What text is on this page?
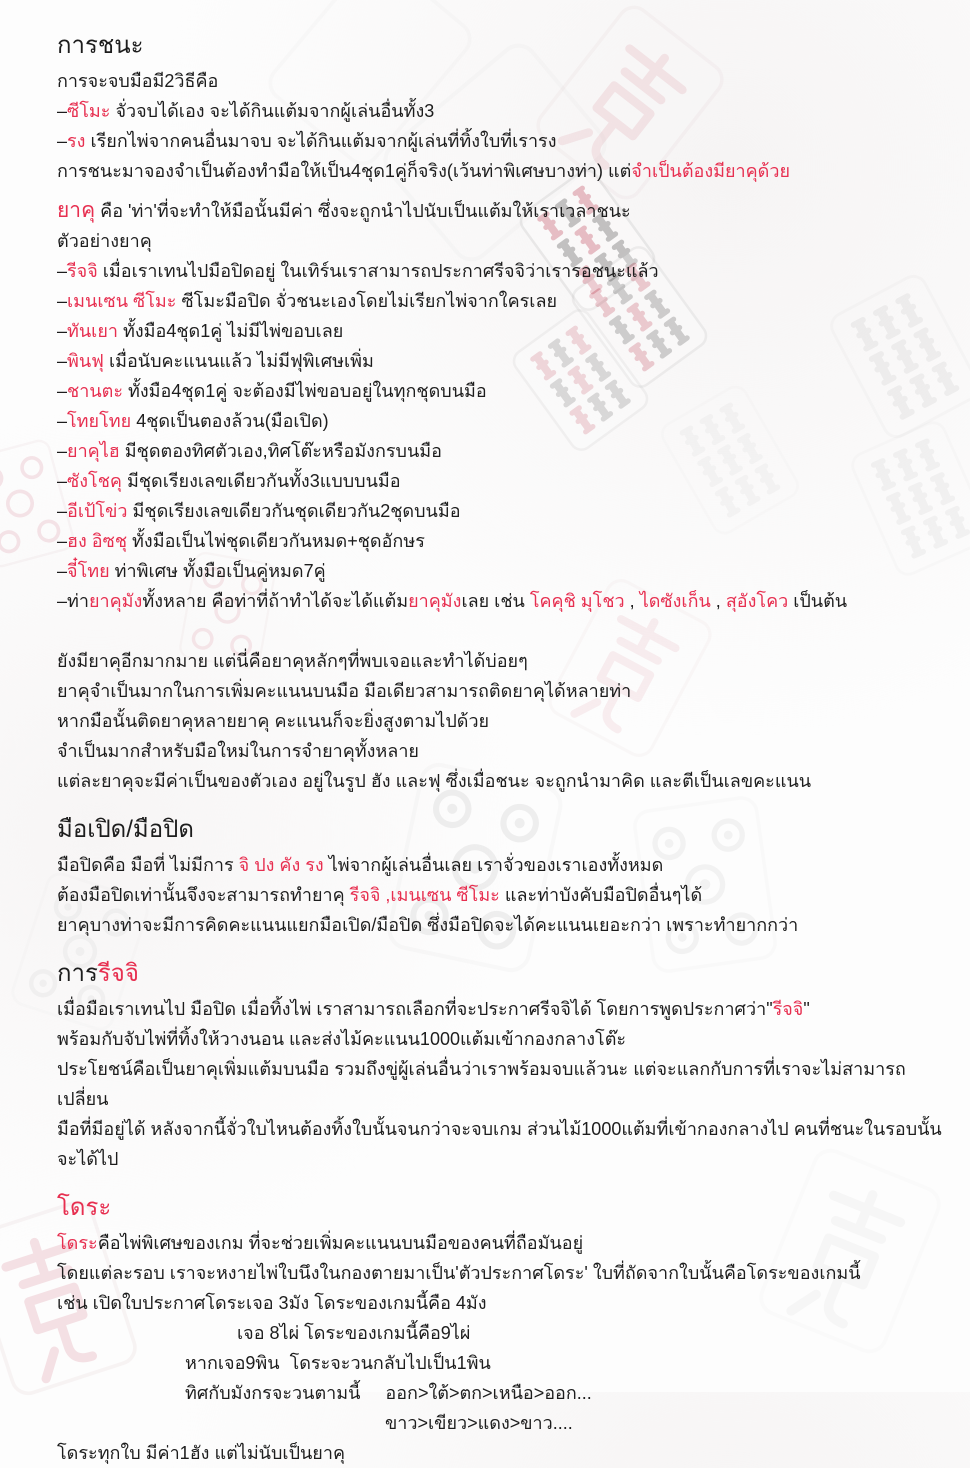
การชนะ

การจะจบมือมี2วิธีคือ

–ซีโมะ จั่วจบได้เอง จะได้กินแต้มจากผู้เล่นอื่นทั้ง3

–รง เรียกไพ่จากคนอื่นมาจบ จะได้กินแต้มจากผู้เล่นที่ทิ้งใบที่เรารง

การชนะมาจองจำเป็นต้องทำมือให้เป็น4ชุด1คู่ก็จริง(เว้นท่าพิเศษบางท่า) แต่จำเป็นต้องมียาคุด้วย

ยาคุ คือ 'ท่า'ที่จะทำให้มือนั้นมีค่า ซึ่งจะถูกนำไปนับเป็นแต้มให้เราเวลาชนะ

ตัวอย่างยาคุ

–รีจจิ เมื่อเราเทนไปมือปิดอยู่ ในเทิร์นเราสามารถประกาศรีจจิว่าเรารอชนะแล้ว

–เมนเซน ซีโมะ ซีโมะมือปิด จั่วชนะเองโดยไม่เรียกไพ่จากใครเลย

–ทันเยา ทั้งมือ4ชุด1คู่ ไม่มีไพ่ขอบเลย

–พินฟุ เมื่อนับคะแนนแล้ว ไม่มีฟุพิเศษเพิ่ม

–ชานตะ ทั้งมือ4ชุด1คู่ จะต้องมีไพ่ขอบอยู่ในทุกชุดบนมือ

–โทยโทย 4ชุดเป็นตองล้วน(มือเปิด)

–ยาคุไฮ มีชุดตองทิศตัวเอง,ทิศโต๊ะหรือมังกรบนมือ

–ซังโชคุ มีชุดเรียงเลขเดียวกันทั้ง3แบบบนมือ

–อีเป้โข่ว มีชุดเรียงเลขเดียวกันชุดเดียวกัน2ชุดบนมือ

–ฮง อิซชุ ทั้งมือเป็นไพ่ชุดเดียวกันหมด+ชุดอักษร

–จี๋โทย ท่าพิเศษ ทั้งมือเป็นคู่หมด7คู่

–ท่ายาคุมังทั้งหลาย คือท่าที่ถ้าทำได้จะได้แต้มยาคุมังเลย เช่น โคคุชิ มุโชว , ไดซังเก็น , สุอังโคว เป็นต้น

ยังมียาคุอีกมากมาย แต่นี่คือยาคุหลักๆที่พบเจอและทำได้บ่อยๆ

ยาคุจำเป็นมากในการเพิ่มคะแนนบนมือ มือเดียวสามารถติดยาคุได้หลายท่า

หากมือนั้นติดยาคุหลายยาคุ คะแนนก็จะยิ่งสูงตามไปด้วย

จำเป็นมากสำหรับมือใหม่ในการจำยาคุทั้งหลาย

แต่ละยาคุจะมีค่าเป็นของตัวเอง อยู่ในรูป ฮัง และฟุ ซึ่งเมื่อชนะ จะถูกนำมาคิด และตีเป็นเลขคะแนน

มือเปิด/มือปิด

มือปิดคือ มือที่ ไม่มีการ จิ ปง คัง รง ไพ่จากผู้เล่นอื่นเลย เราจั่วของเราเองทั้งหมด

ต้องมือปิดเท่านั้นจึงจะสามารถทำยาคุ รีจจิ ,เมนเซน ซีโมะ และท่าบังคับมือปิดอื่นๆได้

ยาคุบางท่าจะมีการคิดคะแนนแยกมือเปิด/มือปิด ซึ่งมือปิดจะได้คะแนนเยอะกว่า เพราะทำยากกว่า

การรีจจิ

เมื่อมือเราเทนไป มือปิด เมื่อทิ้งไพ่ เราสามารถเลือกที่จะประกาศรีจจิได้ โดยการพูดประกาศว่า"รีจจิ"

พร้อมกับจับไพ่ที่ทิ้งให้วางนอน และส่งไม้คะแนน1000แต้มเข้ากองกลางโต๊ะ

ประโยชน์คือเป็นยาคุเพิ่มแต้มบนมือ รวมถึงขู่ผู้เล่นอื่นว่าเราพร้อมจบแล้วนะ แต่จะแลกกับการที่เราจะไม่สามารถเปลี่ยน

มือที่มีอยู่ได้ หลังจากนี้จั่วใบไหนต้องทิ้งใบนั้นจนกว่าจะจบเกม ส่วนไม้1000แต้มที่เข้ากองกลางไป คนที่ชนะในรอบนั้นจะได้ไป

โดระ

โดระคือไพ่พิเศษของเกม ที่จะช่วยเพิ่มคะแนนบนมือของคนที่ถือมันอยู่

โดยแต่ละรอบ เราจะหงายไพ่ใบนึงในกองตายมาเป็น'ตัวประกาศโดระ' ใบที่ถัดจากใบนั้นคือโดระของเกมนี้

เช่น เปิดใบประกาศโดระเจอ 3มัง โดระของเกมนี้คือ 4มัง

เจอ 8ไผ่ โดระของเกมนี้คือ9ไผ่

หากเจอ9พิน  โดระจะวนกลับไปเป็น1พิน

ทิศกับมังกรจะวนตามนี้     ออก>ใต้>ตก>เหนือ>ออก...

ขาว>เขียว>แดง>ขาว....

โดระทุกใบ มีค่า1ฮัง แต่ไม่นับเป็นยาคุ
